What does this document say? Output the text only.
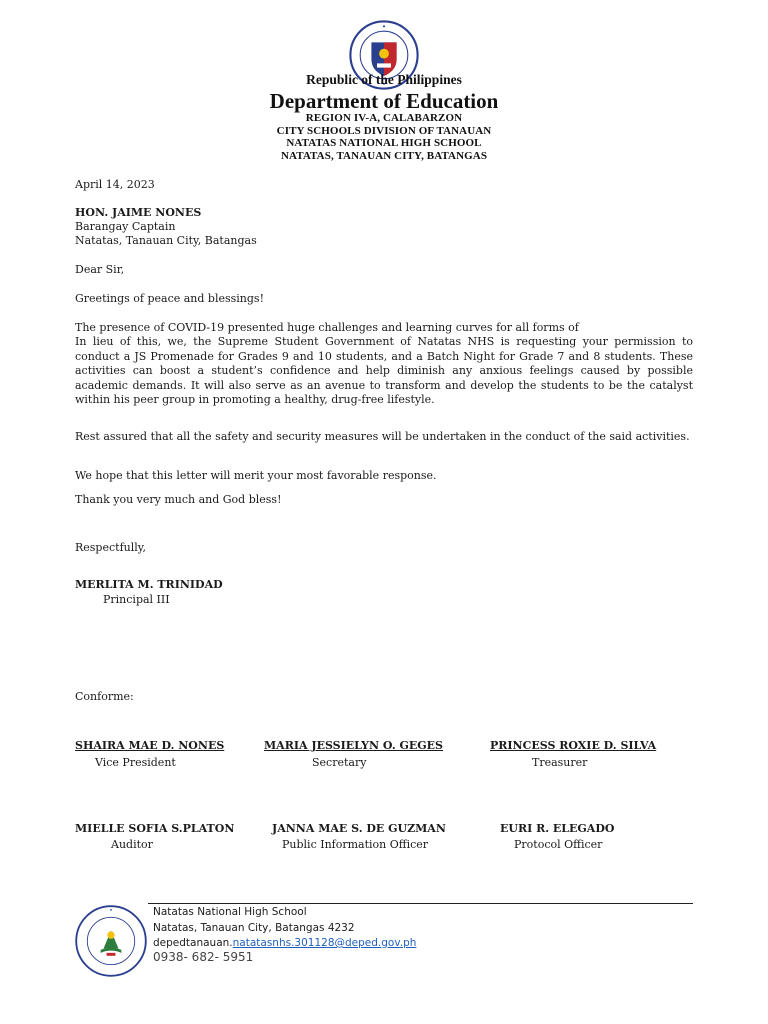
Republic of the Philippines
Department of Education
REGION IV-A, CALABARZON
CITY SCHOOLS DIVISION OF TANAUAN
NATATAS NATIONAL HIGH SCHOOL
NATATAS, TANAUAN CITY, BATANGAS
April 14, 2023
HON. JAIME NONES
Barangay Captain
Natatas, Tanauan City, Batangas
Dear Sir,
Greetings of peace and blessings!
The presence of COVID-19 presented huge challenges and learning curves for all forms of
In lieu of this, we, the Supreme Student Government of Natatas NHS is requesting your permission to conduct a JS Promenade for Grades 9 and 10 students, and a Batch Night for Grade 7 and 8 students. These activities can boost a student’s confidence and help diminish any anxious feelings caused by possible academic demands. It will also serve as an avenue to transform and develop the students to be the catalyst within his peer group in promoting a healthy, drug-free lifestyle.
Rest assured that all the safety and security measures will be undertaken in the conduct of the said activities.
We hope that this letter will merit your most favorable response.
Thank you very much and God bless!
Respectfully,
MERLITA M. TRINIDAD
Principal III
Conforme:
SHAIRA MAE D. NONES
Vice President
MARIA JESSIELYN O. GEGES
Secretary
PRINCESS ROXIE D. SILVA
Treasurer
MIELLE SOFIA S.PLATON
Auditor
JANNA MAE S. DE GUZMAN
Public Information Officer
EURI R. ELEGADO
Protocol Officer
Natatas National High School
Natatas, Tanauan City, Batangas 4232
depedtanauan.natatasnhs.301128@deped.gov.ph
0938- 682- 5951
